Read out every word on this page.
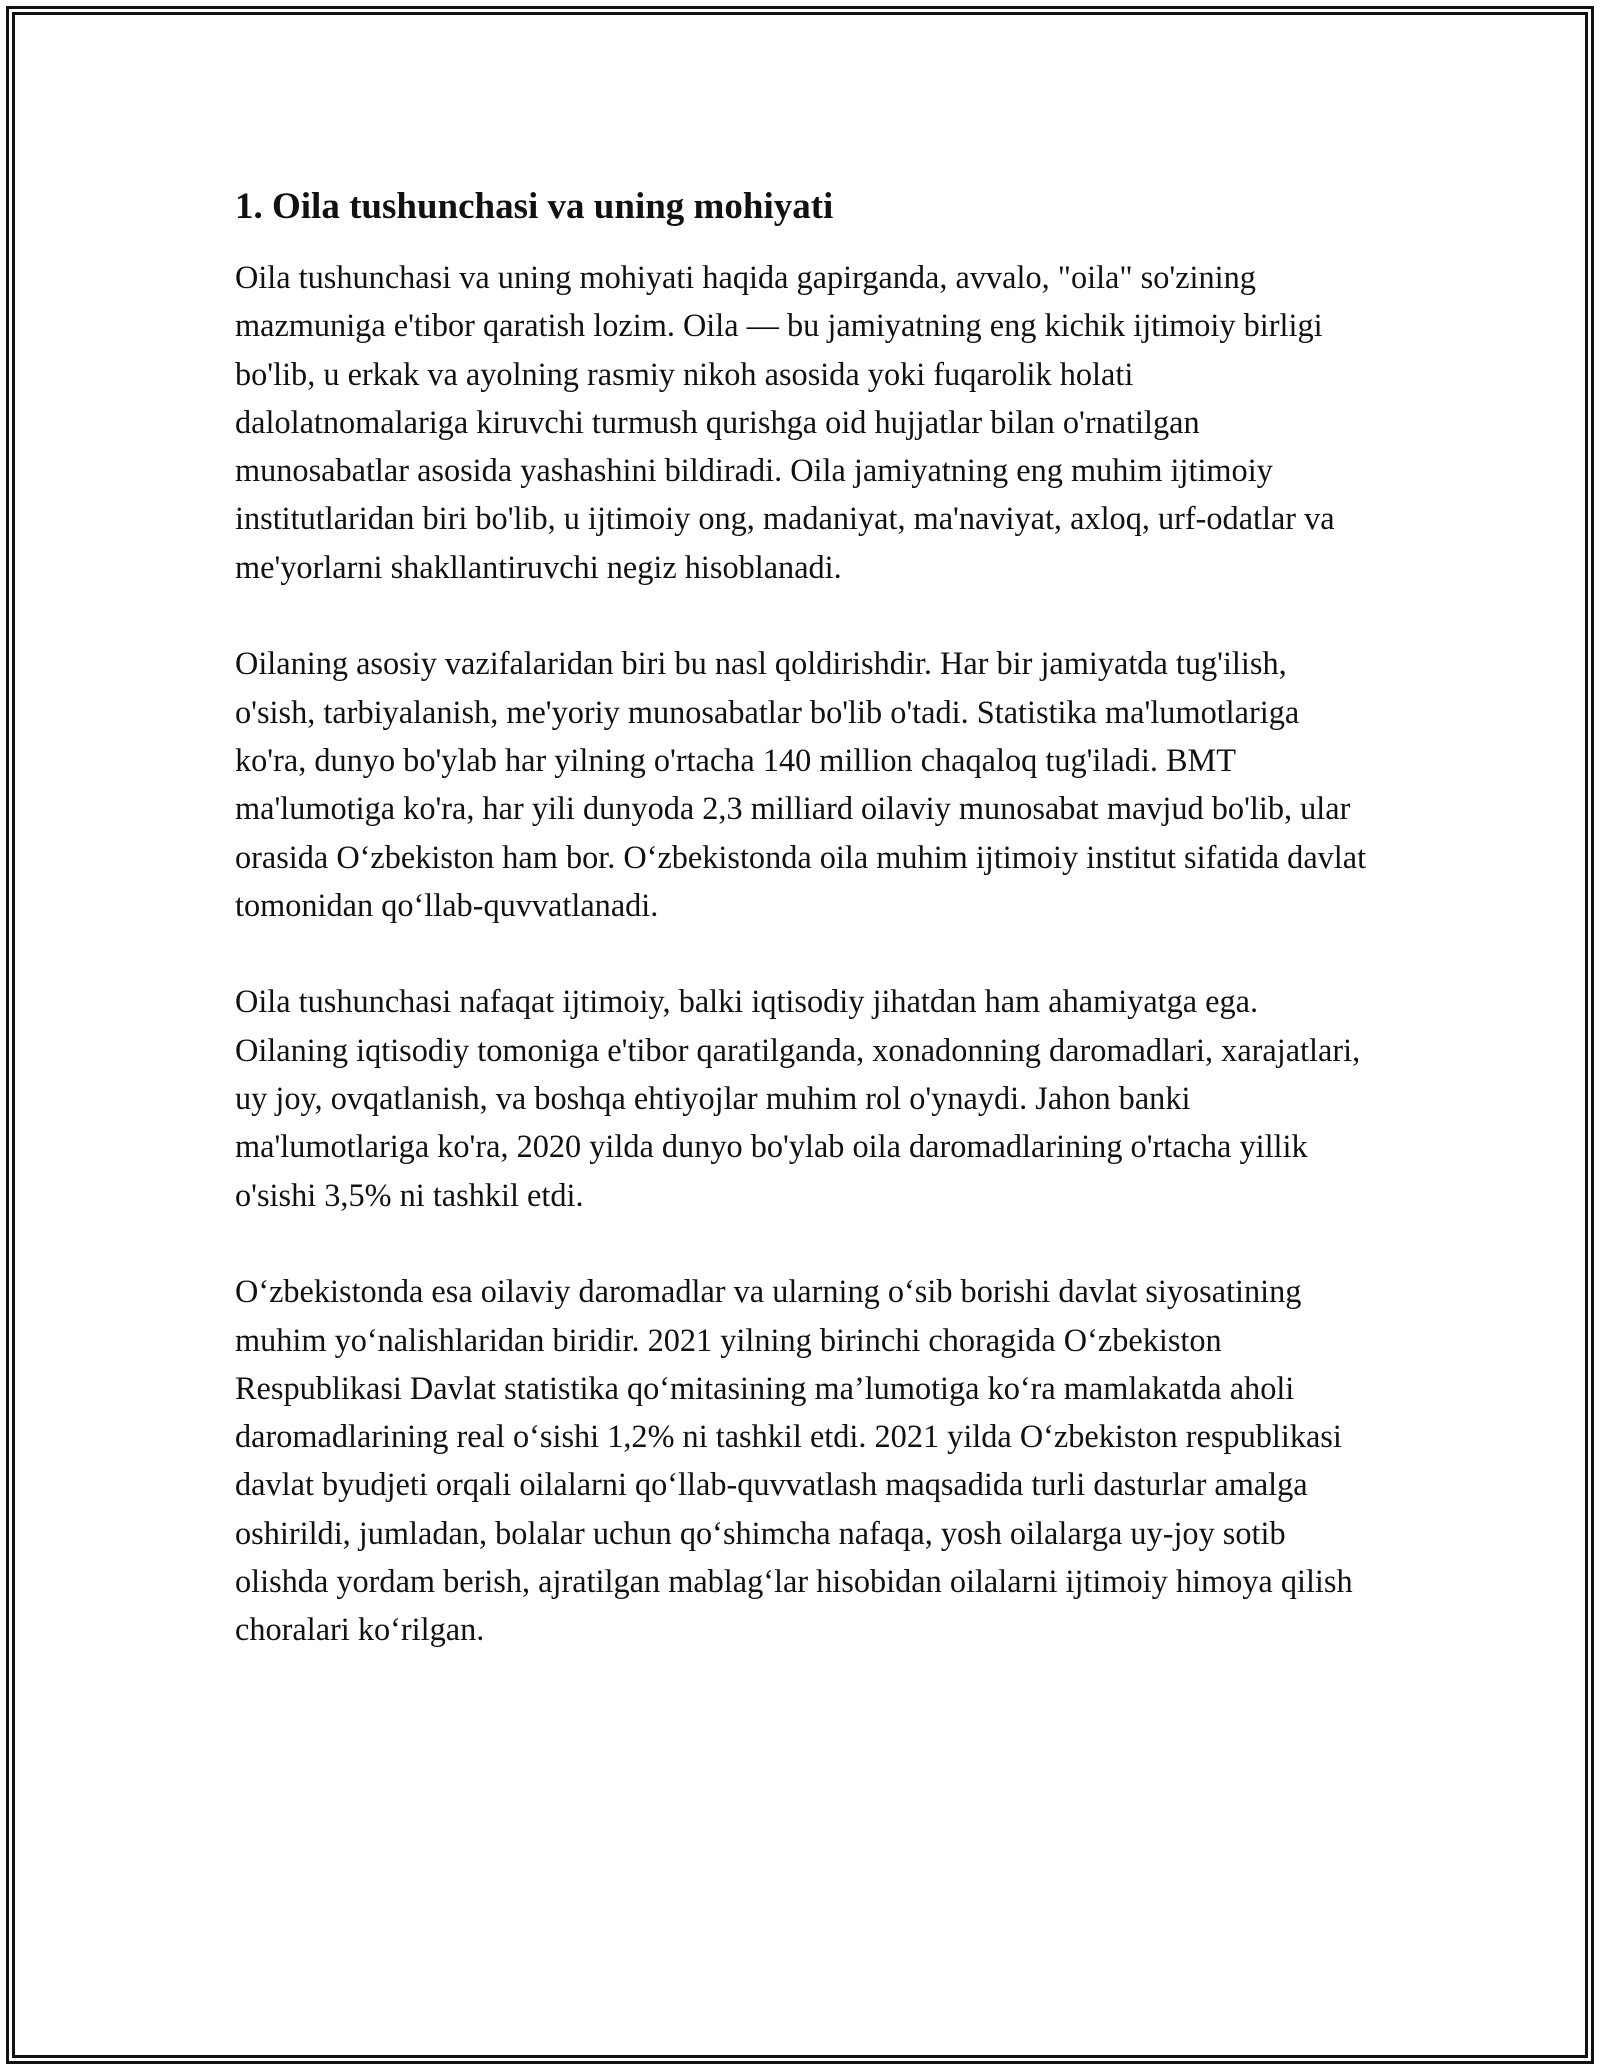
1. Oila tushunchasi va uning mohiyati

Oila tushunchasi va uning mohiyati haqida gapirganda, avvalo, "oila" so'zining mazmuniga e'tibor qaratish lozim. Oila — bu jamiyatning eng kichik ijtimoiy birligi bo'lib, u erkak va ayolning rasmiy nikoh asosida yoki fuqarolik holati dalolatnomalariga kiruvchi turmush qurishga oid hujjatlar bilan o'rnatilgan munosabatlar asosida yashashini bildiradi. Oila jamiyatning eng muhim ijtimoiy institutlaridan biri bo'lib, u ijtimoiy ong, madaniyat, ma'naviyat, axloq, urf-odatlar va me'yorlarni shakllantiruvchi negiz hisoblanadi.

Oilaning asosiy vazifalaridan biri bu nasl qoldirishdir. Har bir jamiyatda tug'ilish, o'sish, tarbiyalanish, me'yoriy munosabatlar bo'lib o'tadi. Statistika ma'lumotlariga ko'ra, dunyo bo'ylab har yilning o'rtacha 140 million chaqaloq tug'iladi. BMT ma'lumotiga ko'ra, har yili dunyoda 2,3 milliard oilaviy munosabat mavjud bo'lib, ular orasida O‘zbekiston ham bor. O‘zbekistonda oila muhim ijtimoiy institut sifatida davlat tomonidan qo‘llab-quvvatlanadi.

Oila tushunchasi nafaqat ijtimoiy, balki iqtisodiy jihatdan ham ahamiyatga ega. Oilaning iqtisodiy tomoniga e'tibor qaratilganda, xonadonning daromadlari, xarajatlari, uy joy, ovqatlanish, va boshqa ehtiyojlar muhim rol o'ynaydi. Jahon banki ma'lumotlariga ko'ra, 2020 yilda dunyo bo'ylab oila daromadlarining o'rtacha yillik o'sishi 3,5% ni tashkil etdi.

O‘zbekistonda esa oilaviy daromadlar va ularning o‘sib borishi davlat siyosatining muhim yo‘nalishlaridan biridir. 2021 yilning birinchi choragida O‘zbekiston Respublikasi Davlat statistika qo‘mitasining ma’lumotiga ko‘ra mamlakatda aholi daromadlarining real o‘sishi 1,2% ni tashkil etdi. 2021 yilda O‘zbekiston respublikasi davlat byudjeti orqali oilalarni qo‘llab-quvvatlash maqsadida turli dasturlar amalga oshirildi, jumladan, bolalar uchun qo‘shimcha nafaqa, yosh oilalarga uy-joy sotib olishda yordam berish, ajratilgan mablag‘lar hisobidan oilalarni ijtimoiy himoya qilish choralari ko‘rilgan.
